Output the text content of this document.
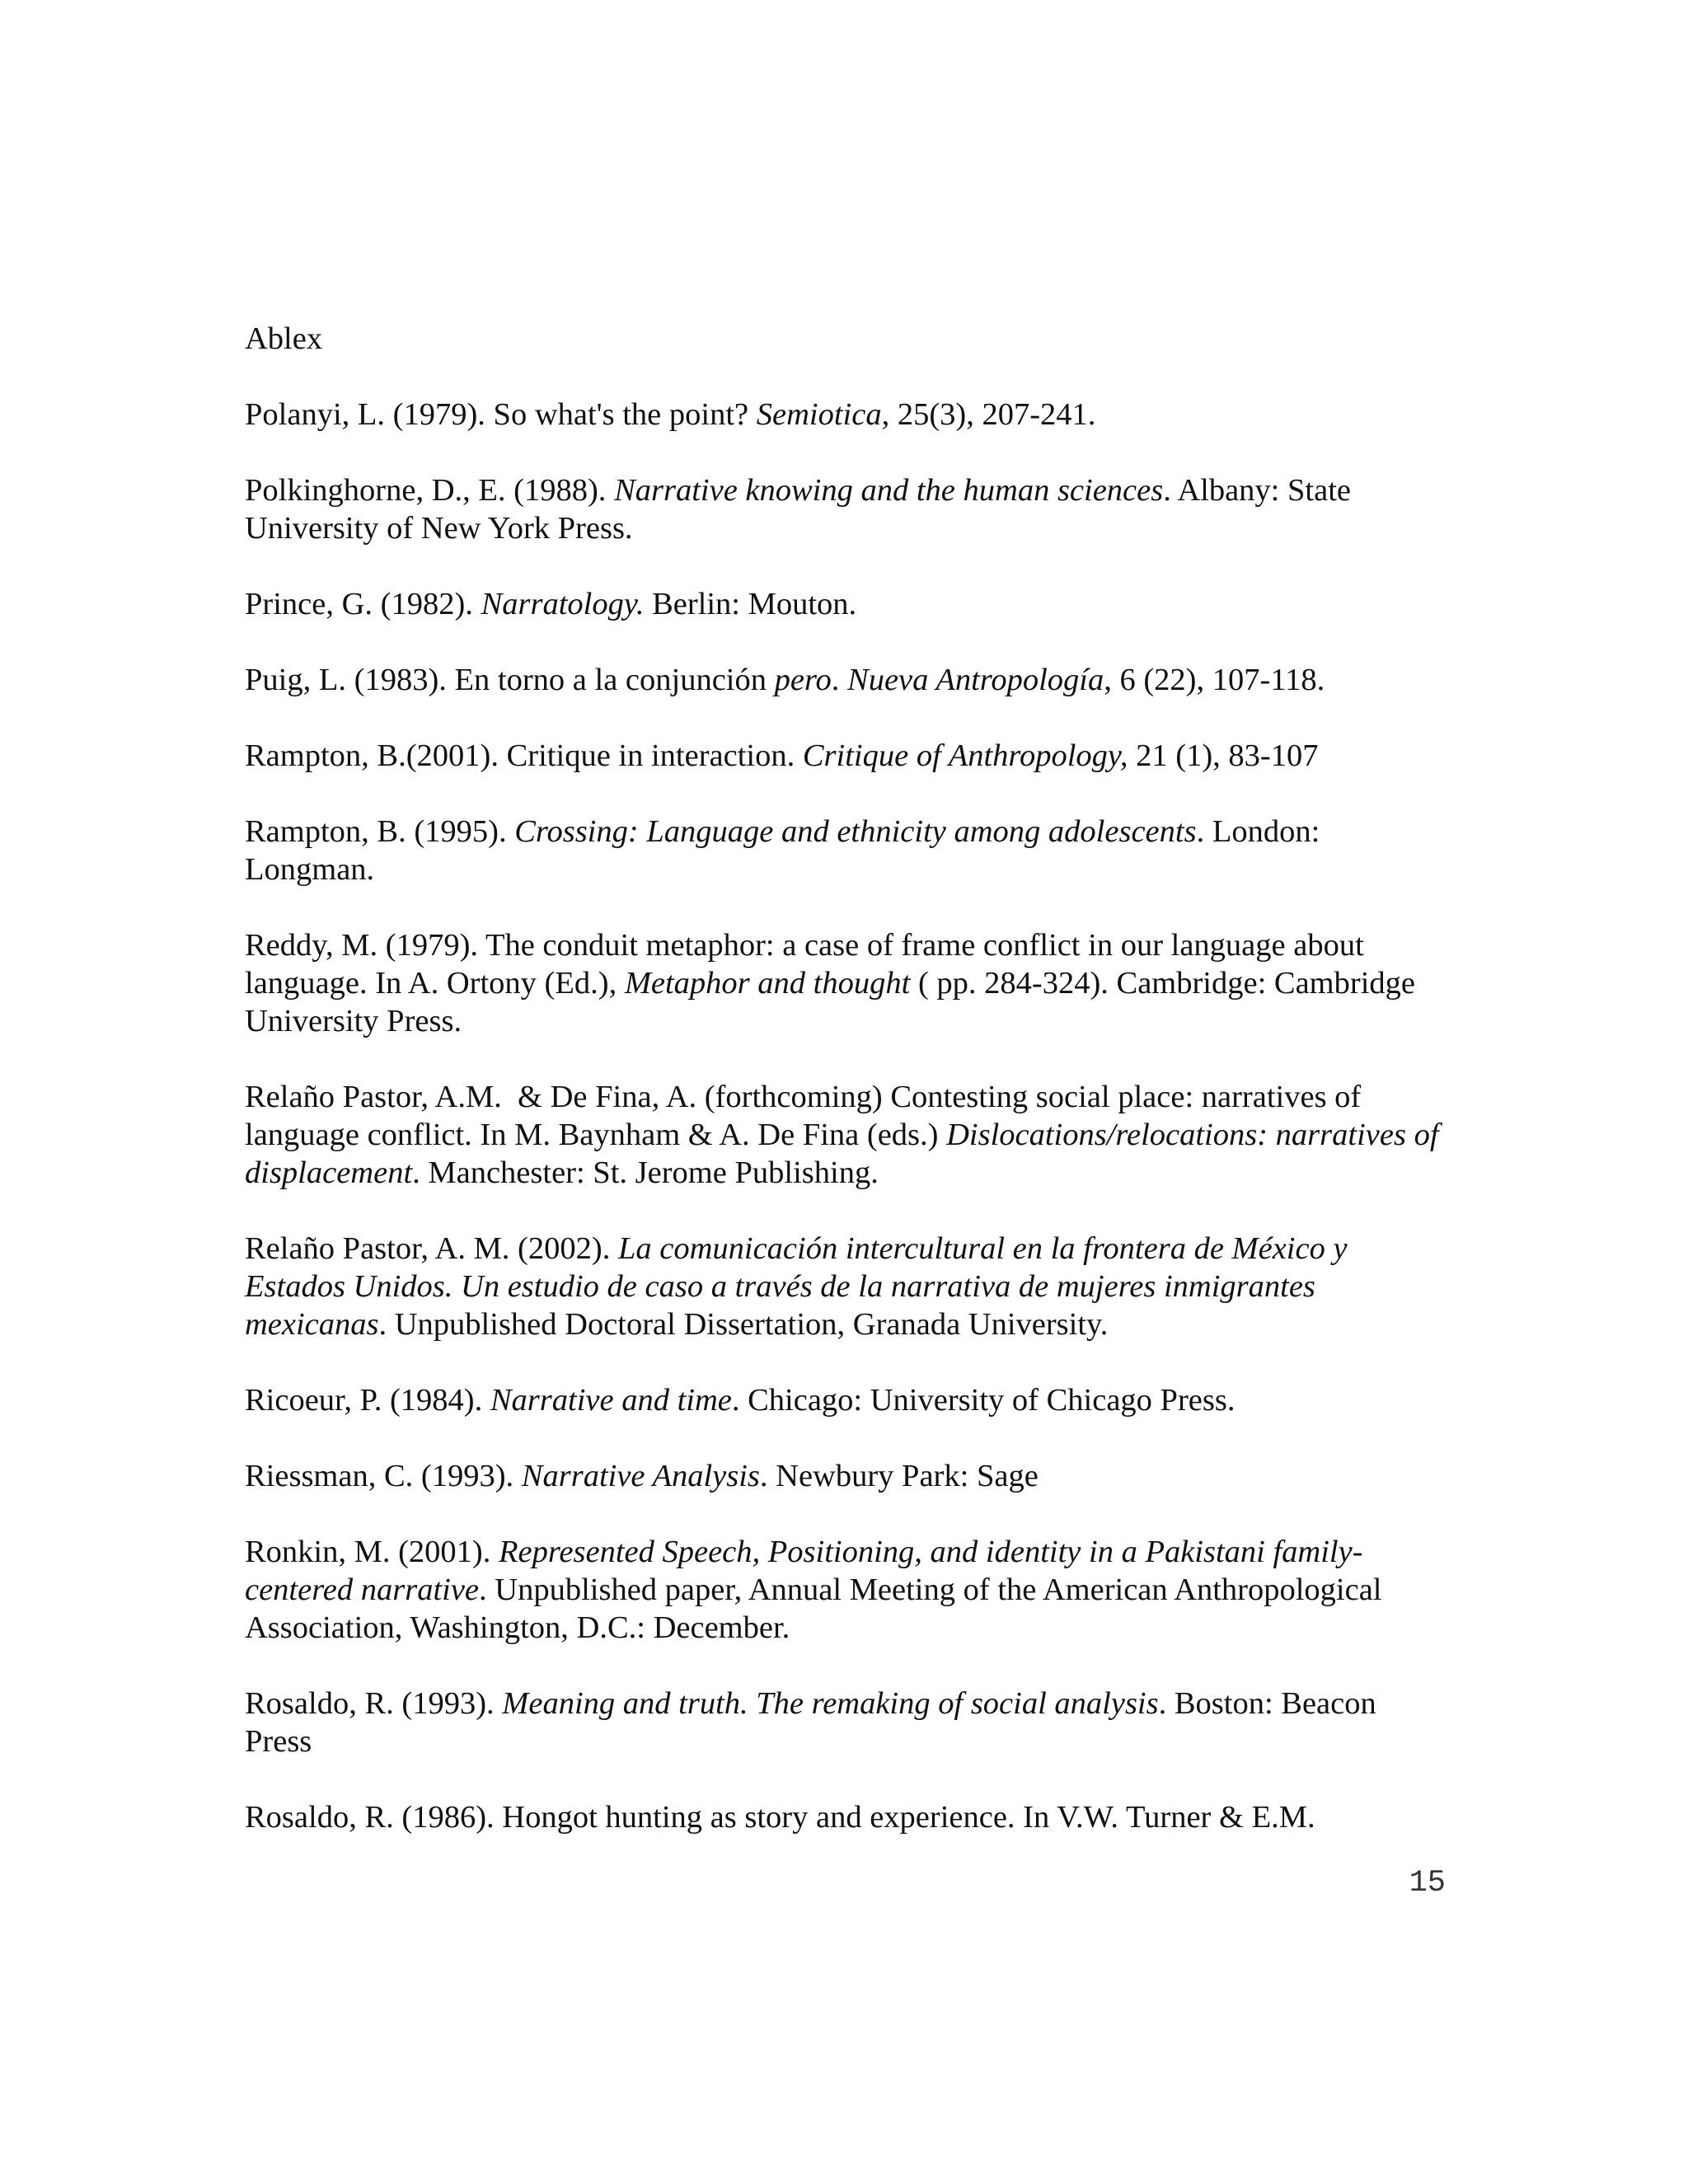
Ablex

Polanyi, L. (1979). So what's the point? Semiotica, 25(3), 207-241.

Polkinghorne, D., E. (1988). Narrative knowing and the human sciences. Albany: State University of New York Press.

Prince, G. (1982). Narratology. Berlin: Mouton.

Puig, L. (1983). En torno a la conjunción pero. Nueva Antropología, 6 (22), 107-118.

Rampton, B.(2001). Critique in interaction. Critique of Anthropology, 21 (1), 83-107

Rampton, B. (1995). Crossing: Language and ethnicity among adolescents. London: Longman.

Reddy, M. (1979). The conduit metaphor: a case of frame conflict in our language about language. In A. Ortony (Ed.), Metaphor and thought ( pp. 284-324). Cambridge: Cambridge University Press.

Relaño Pastor, A.M.  & De Fina, A. (forthcoming) Contesting social place: narratives of language conflict. In M. Baynham & A. De Fina (eds.) Dislocations/relocations: narratives of displacement. Manchester: St. Jerome Publishing.

Relaño Pastor, A. M. (2002). La comunicación intercultural en la frontera de México y Estados Unidos. Un estudio de caso a través de la narrativa de mujeres inmigrantes mexicanas. Unpublished Doctoral Dissertation, Granada University.

Ricoeur, P. (1984). Narrative and time. Chicago: University of Chicago Press.

Riessman, C. (1993). Narrative Analysis. Newbury Park: Sage

Ronkin, M. (2001). Represented Speech, Positioning, and identity in a Pakistani family-centered narrative. Unpublished paper, Annual Meeting of the American Anthropological Association, Washington, D.C.: December.

Rosaldo, R. (1993). Meaning and truth. The remaking of social analysis. Boston: Beacon Press

Rosaldo, R. (1986). Hongot hunting as story and experience. In V.W. Turner & E.M.

15
